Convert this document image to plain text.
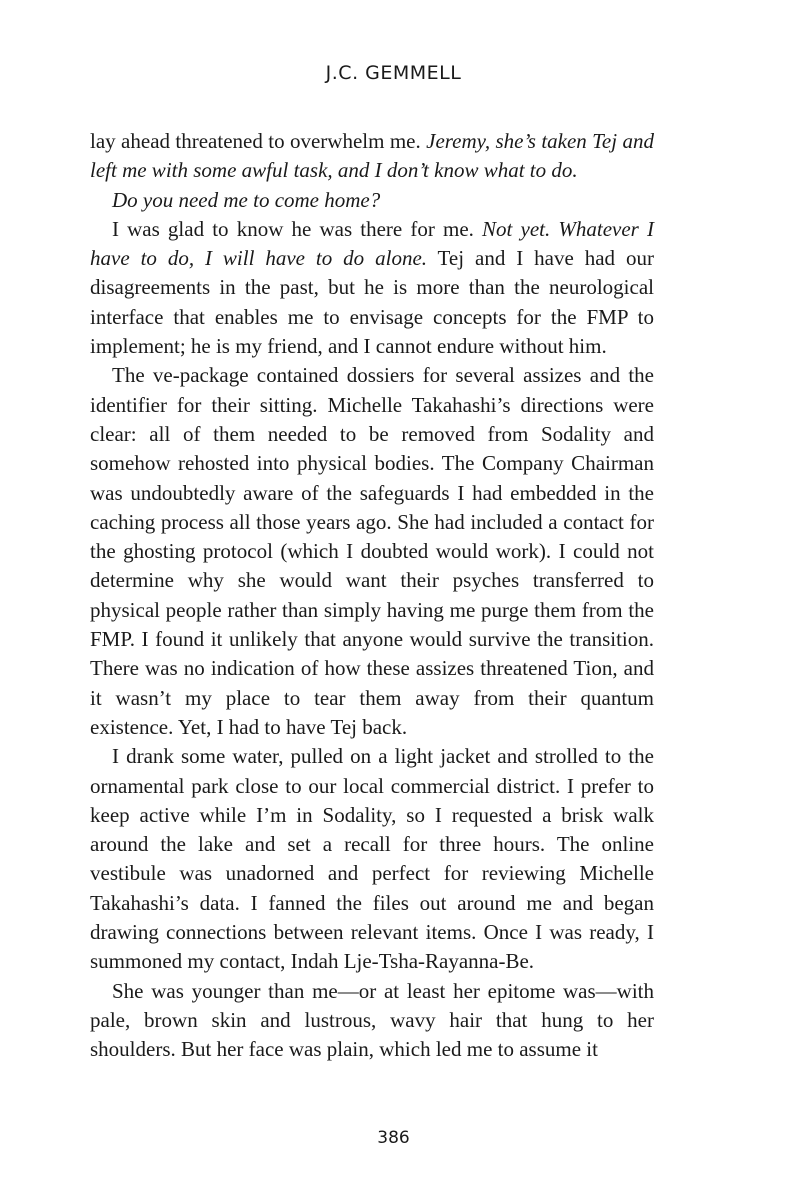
J.C. GEMMELL

lay ahead threatened to overwhelm me. Jeremy, she’s taken Tej and left me with some awful task, and I don’t know what to do.

Do you need me to come home?

I was glad to know he was there for me. Not yet. Whatever I have to do, I will have to do alone. Tej and I have had our disagreements in the past, but he is more than the neurological interface that enables me to envisage concepts for the FMP to implement; he is my friend, and I cannot endure without him.

The ve-package contained dossiers for several assizes and the identifier for their sitting. Michelle Takahashi’s directions were clear: all of them needed to be removed from Sodality and somehow rehosted into physical bodies. The Company Chairman was undoubtedly aware of the safeguards I had embedded in the caching process all those years ago. She had included a contact for the ghosting protocol (which I doubted would work). I could not determine why she would want their psyches transferred to physical people rather than simply having me purge them from the FMP. I found it unlikely that anyone would survive the transition. There was no indication of how these assizes threatened Tion, and it wasn’t my place to tear them away from their quantum existence. Yet, I had to have Tej back.

I drank some water, pulled on a light jacket and strolled to the ornamental park close to our local commercial district. I prefer to keep active while I’m in Sodality, so I requested a brisk walk around the lake and set a recall for three hours. The online vestibule was unadorned and perfect for reviewing Michelle Takahashi’s data. I fanned the files out around me and began drawing connections between relevant items. Once I was ready, I summoned my contact, Indah Lje-Tsha-Rayanna-Be.

She was younger than me—or at least her epitome was—with pale, brown skin and lustrous, wavy hair that hung to her shoulders. But her face was plain, which led me to assume it

386
